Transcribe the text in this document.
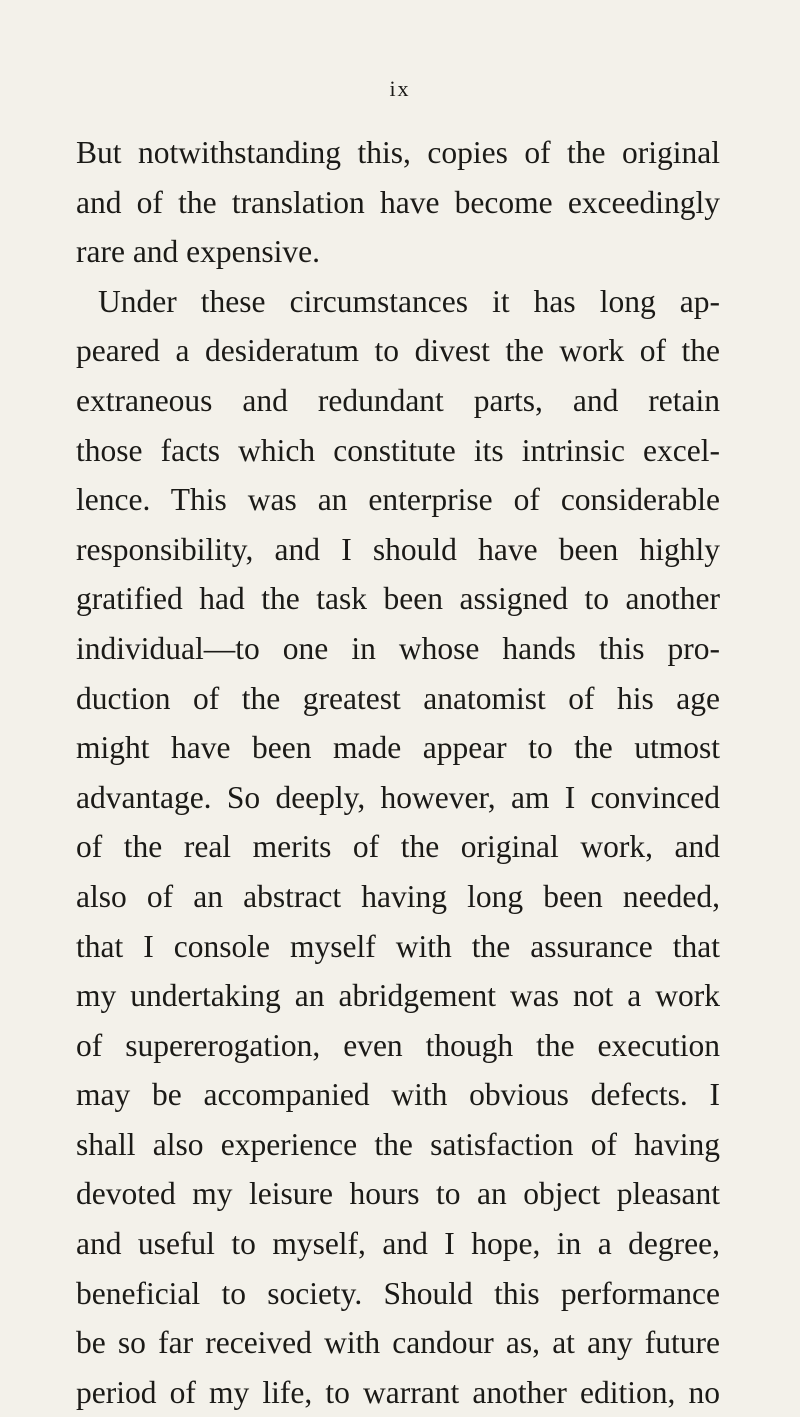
ix
But notwithstanding this, copies of the original
and of the translation have become exceedingly
rare and expensive.
Under these circumstances it has long ap-
peared a desideratum to divest the work of the
extraneous and redundant parts, and retain
those facts which constitute its intrinsic excel-
lence. This was an enterprise of considerable
responsibility, and I should have been highly
gratified had the task been assigned to another
individual—to one in whose hands this pro-
duction of the greatest anatomist of his age
might have been made appear to the utmost
advantage. So deeply, however, am I convinced
of the real merits of the original work, and
also of an abstract having long been needed,
that I console myself with the assurance that
my undertaking an abridgement was not a work
of supererogation, even though the execution
may be accompanied with obvious defects. I
shall also experience the satisfaction of having
devoted my leisure hours to an object pleasant
and useful to myself, and I hope, in a degree,
beneficial to society. Should this performance
be so far received with candour as, at any future
period of my life, to warrant another edition, no
